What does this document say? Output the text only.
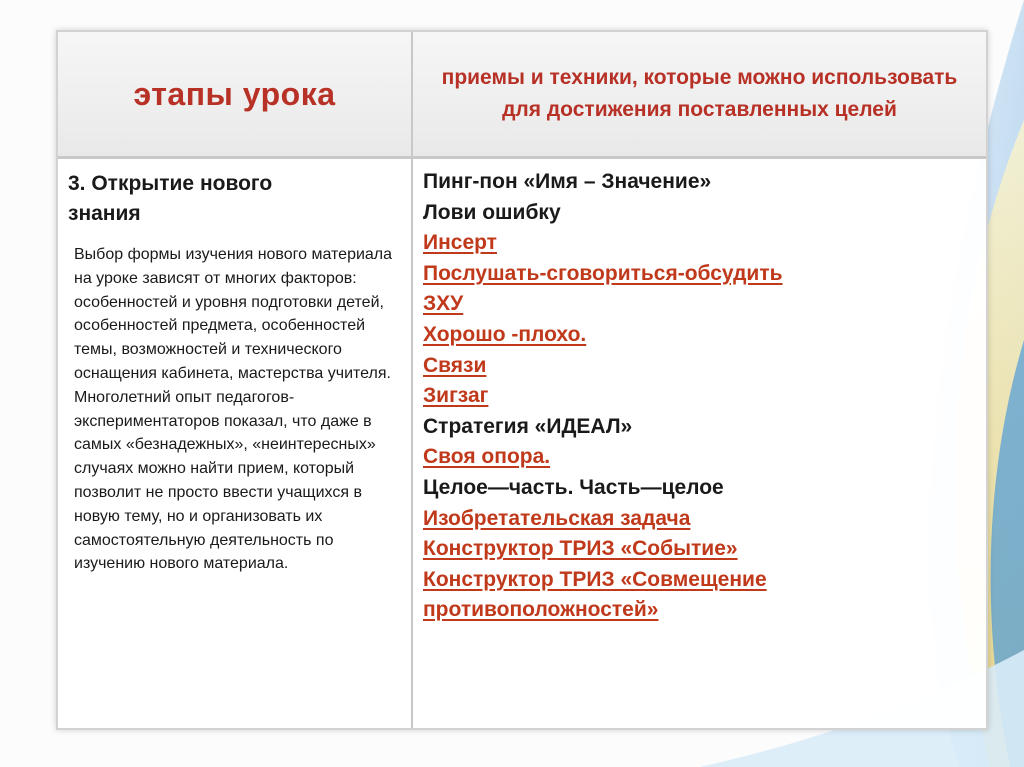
этапы урока	приемы и техники, которые можно использовать для достижения поставленных целей
3. Открытие нового знания
Выбор формы изучения нового материала на уроке зависят от многих факторов: особенностей и уровня подготовки детей, особенностей предмета, особенностей темы, возможностей и технического оснащения кабинета, мастерства учителя. Многолетний опыт педагогов-экспериментаторов показал, что даже в самых «безнадежных», «неинтересных» случаях можно найти прием, который позволит не просто ввести учащихся в новую тему, но и организовать их самостоятельную деятельность по изучению нового материала.
Пинг-пон «Имя – Значение»
Лови ошибку
Инсерт
Послушать-сговориться-обсудить
ЗХУ
Хорошо -плохо.
Связи
Зигзаг
Стратегия «ИДЕАЛ»
Своя опора.
Целое—часть. Часть—целое
Изобретательская задача
Конструктор ТРИЗ «Событие»
Конструктор ТРИЗ «Совмещение противоположностей»
